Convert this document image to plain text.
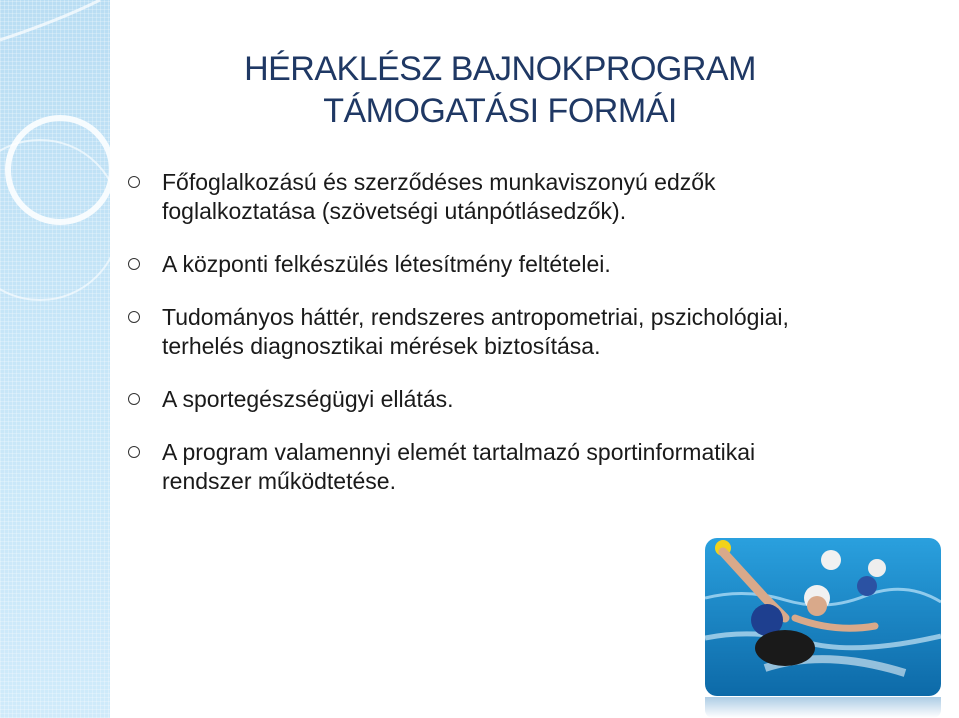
HÉRAKLÉSZ BAJNOKPROGRAM
TÁMOGATÁSI FORMÁI
Főfoglalkozású és szerződéses munkaviszonyú edzők foglalkoztatása (szövetségi utánpótlásedzők).
A központi felkészülés létesítmény feltételei.
Tudományos háttér, rendszeres antropometriai, pszichológiai, terhelés diagnosztikai mérések biztosítása.
A sportegészségügyi ellátás.
A program valamennyi elemét tartalmazó sportinformatikai rendszer működtetése.
